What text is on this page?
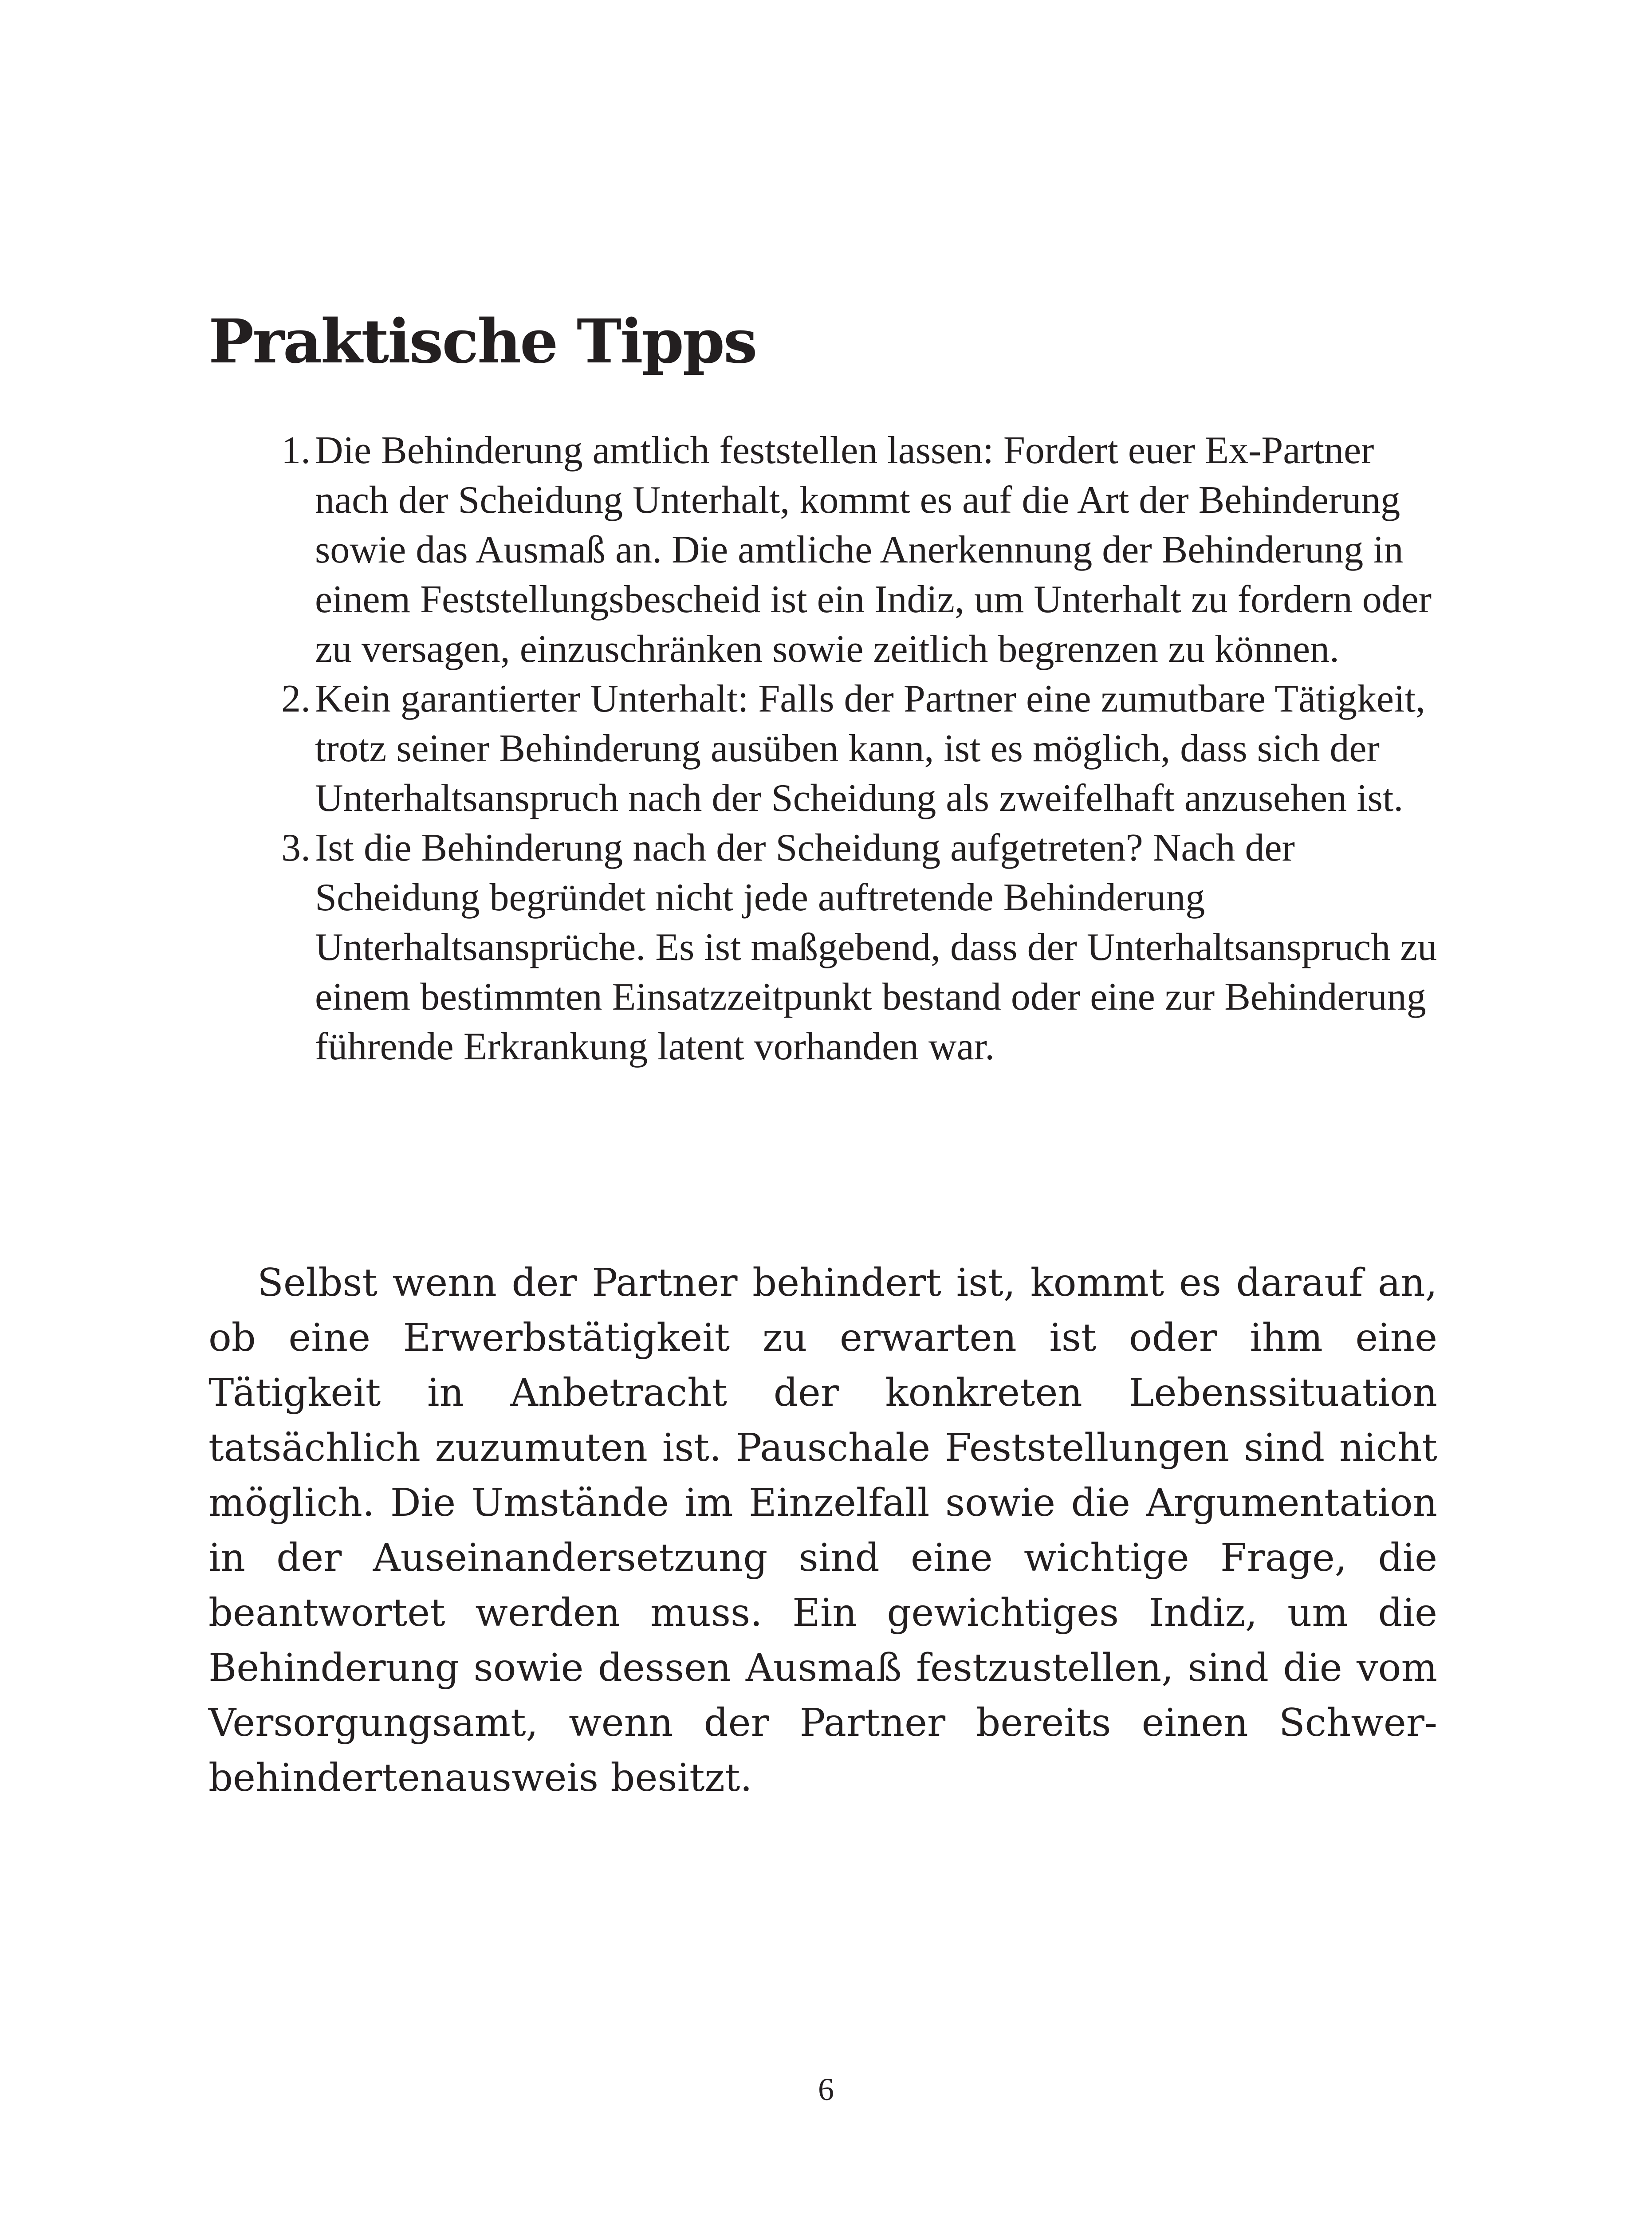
Praktische Tipps
1. Die Behinderung amtlich feststellen lassen: Fordert euer Ex-Partner nach der Scheidung Unterhalt, kommt es auf die Art der Behinderung sowie das Ausmaß an. Die amtliche Anerkennung der Behinderung in einem Feststellungsbescheid ist ein Indiz, um Unterhalt zu fordern oder zu versagen, einzuschränken sowie zeitlich begrenzen zu können.
2. Kein garantierter Unterhalt: Falls der Partner eine zumutbare Tätigkeit, trotz seiner Behinderung ausüben kann, ist es möglich, dass sich der Unterhaltsanspruch nach der Scheidung als zweifelhaft anzusehen ist.
3. Ist die Behinderung nach der Scheidung aufgetreten? Nach der Scheidung begründet nicht jede auftretende Behinderung Unterhaltsansprüche. Es ist maßgebend, dass der Unterhaltsanspruch zu einem bestimmten Einsatzzeitpunkt bestand oder eine zur Behinderung führende Erkrankung latent vorhanden war.

Selbst wenn der Partner behindert ist, kommt es darauf an, ob eine Erwerbstätigkeit zu erwarten ist oder ihm eine Tätigkeit in Anbetracht der konkreten Lebenssituation tatsächlich zuzumuten ist. Pauschale Feststellungen sind nicht möglich. Die Umstände im Einzelfall sowie die Argumentation in der Auseinandersetzung sind eine wichtige Frage, die beantwortet werden muss. Ein gewichtiges Indiz, um die Behinderung sowie dessen Ausmaß festzustellen, sind die vom Versorgungsamt, wenn der Partner bereits einen Schwerbehindertenausweis besitzt.

6
